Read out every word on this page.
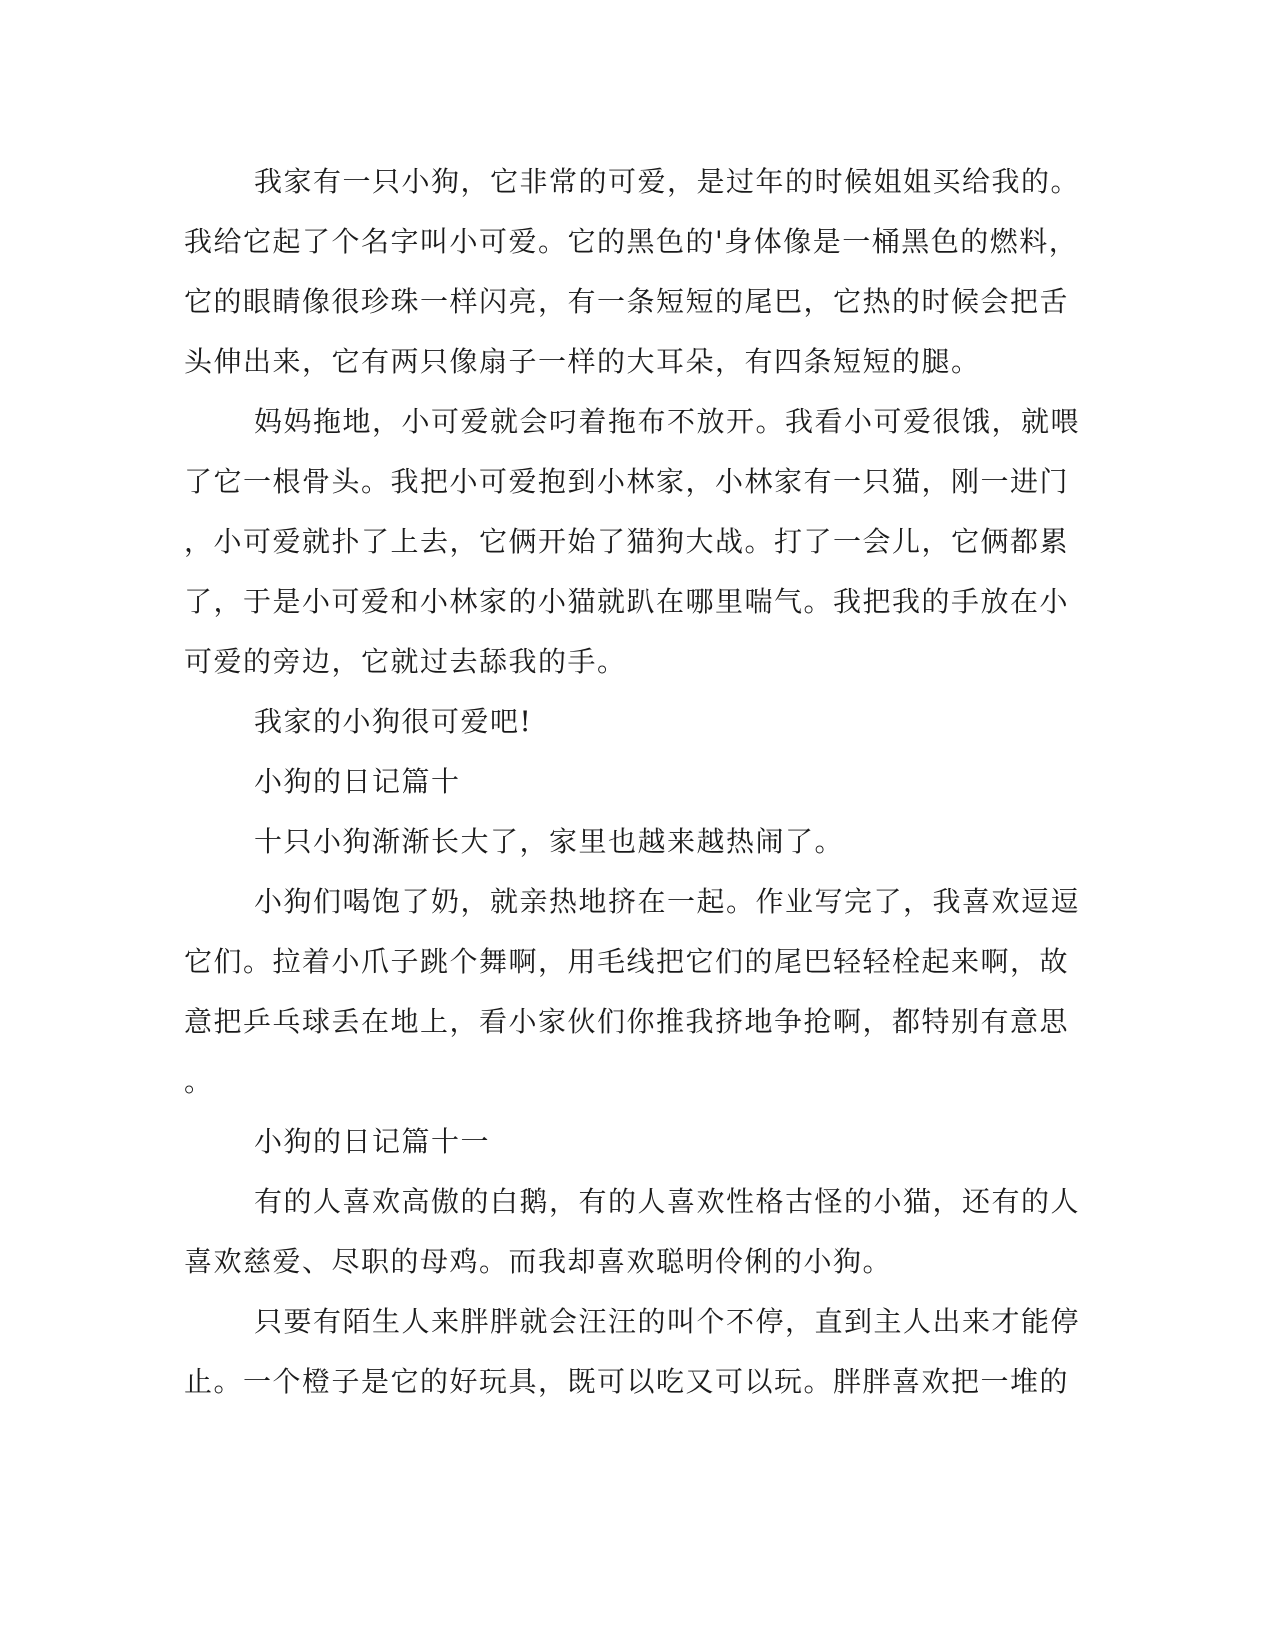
我家有一只小狗，它非常的可爱，是过年的时候姐姐买给我的。
我给它起了个名字叫小可爱。它的黑色的'身体像是一桶黑色的燃料，
它的眼睛像很珍珠一样闪亮，有一条短短的尾巴，它热的时候会把舌
头伸出来，它有两只像扇子一样的大耳朵，有四条短短的腿。
妈妈拖地，小可爱就会叼着拖布不放开。我看小可爱很饿，就喂
了它一根骨头。我把小可爱抱到小林家，小林家有一只猫，刚一进门
，小可爱就扑了上去，它俩开始了猫狗大战。打了一会儿，它俩都累
了，于是小可爱和小林家的小猫就趴在哪里喘气。我把我的手放在小
可爱的旁边，它就过去舔我的手。
我家的小狗很可爱吧!
小狗的日记篇十
十只小狗渐渐长大了，家里也越来越热闹了。
小狗们喝饱了奶，就亲热地挤在一起。作业写完了，我喜欢逗逗
它们。拉着小爪子跳个舞啊，用毛线把它们的尾巴轻轻栓起来啊，故
意把乒乓球丢在地上，看小家伙们你推我挤地争抢啊，都特别有意思
。
小狗的日记篇十一
有的人喜欢高傲的白鹅，有的人喜欢性格古怪的小猫，还有的人
喜欢慈爱、尽职的母鸡。而我却喜欢聪明伶俐的小狗。
只要有陌生人来胖胖就会汪汪的叫个不停，直到主人出来才能停
止。一个橙子是它的好玩具，既可以吃又可以玩。胖胖喜欢把一堆的
